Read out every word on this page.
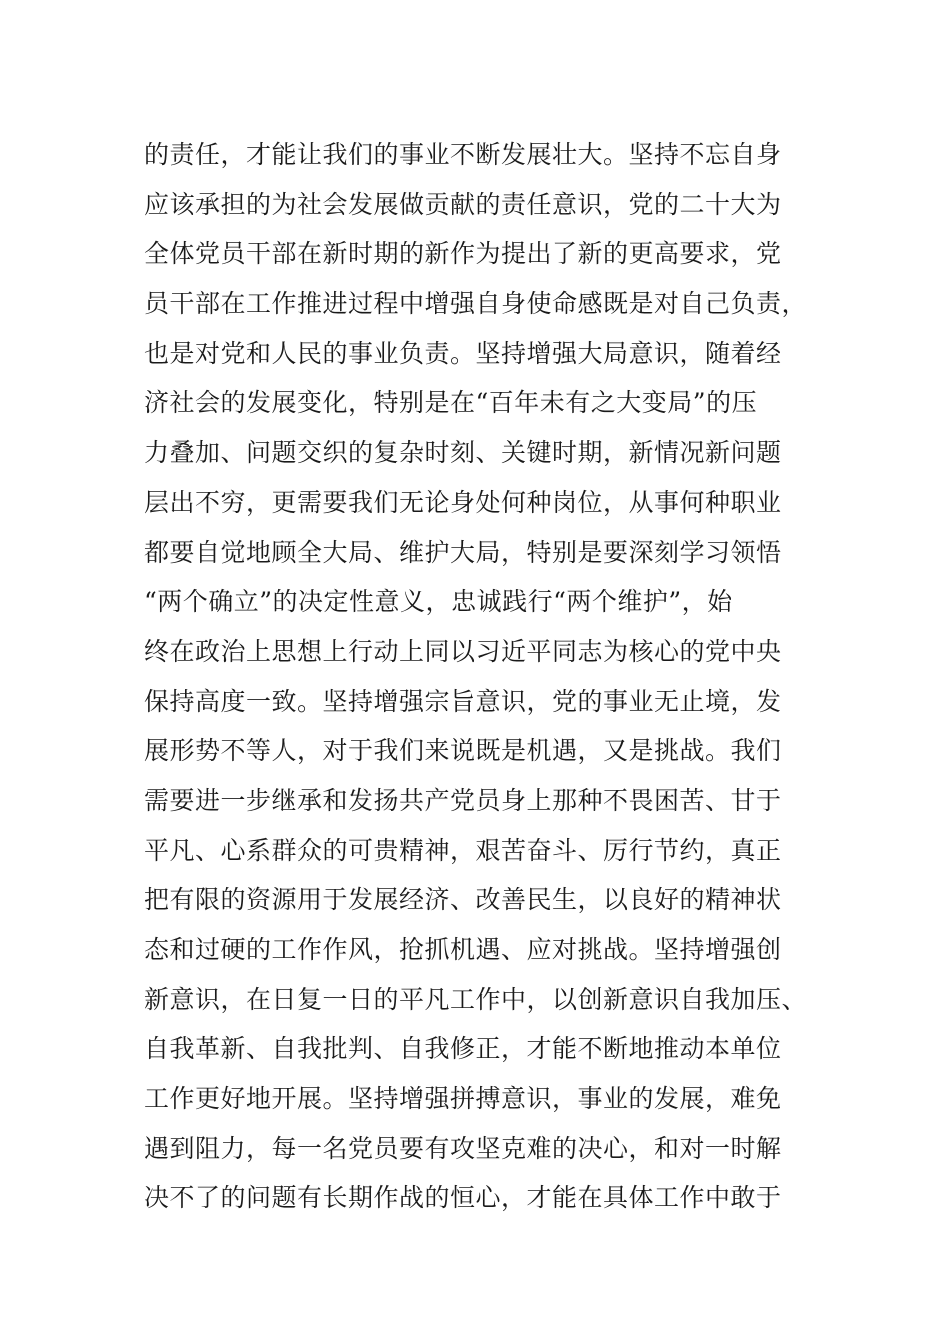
的责任，才能让我们的事业不断发展壮大。坚持不忘自身
应该承担的为社会发展做贡献的责任意识，党的二十大为
全体党员干部在新时期的新作为提出了新的更高要求，党
员干部在工作推进过程中增强自身使命感既是对自己负责，
也是对党和人民的事业负责。坚持增强大局意识，随着经
济社会的发展变化，特别是在“百年未有之大变局”的压
力叠加、问题交织的复杂时刻、关键时期，新情况新问题
层出不穷，更需要我们无论身处何种岗位，从事何种职业
都要自觉地顾全大局、维护大局，特别是要深刻学习领悟
“两个确立”的决定性意义，忠诚践行“两个维护”，始
终在政治上思想上行动上同以习近平同志为核心的党中央
保持高度一致。坚持增强宗旨意识，党的事业无止境，发
展形势不等人，对于我们来说既是机遇，又是挑战。我们
需要进一步继承和发扬共产党员身上那种不畏困苦、甘于
平凡、心系群众的可贵精神，艰苦奋斗、厉行节约，真正
把有限的资源用于发展经济、改善民生，以良好的精神状
态和过硬的工作作风，抢抓机遇、应对挑战。坚持增强创
新意识，在日复一日的平凡工作中，以创新意识自我加压、
自我革新、自我批判、自我修正，才能不断地推动本单位
工作更好地开展。坚持增强拼搏意识，事业的发展，难免
遇到阻力，每一名党员要有攻坚克难的决心，和对一时解
决不了的问题有长期作战的恒心，才能在具体工作中敢于
